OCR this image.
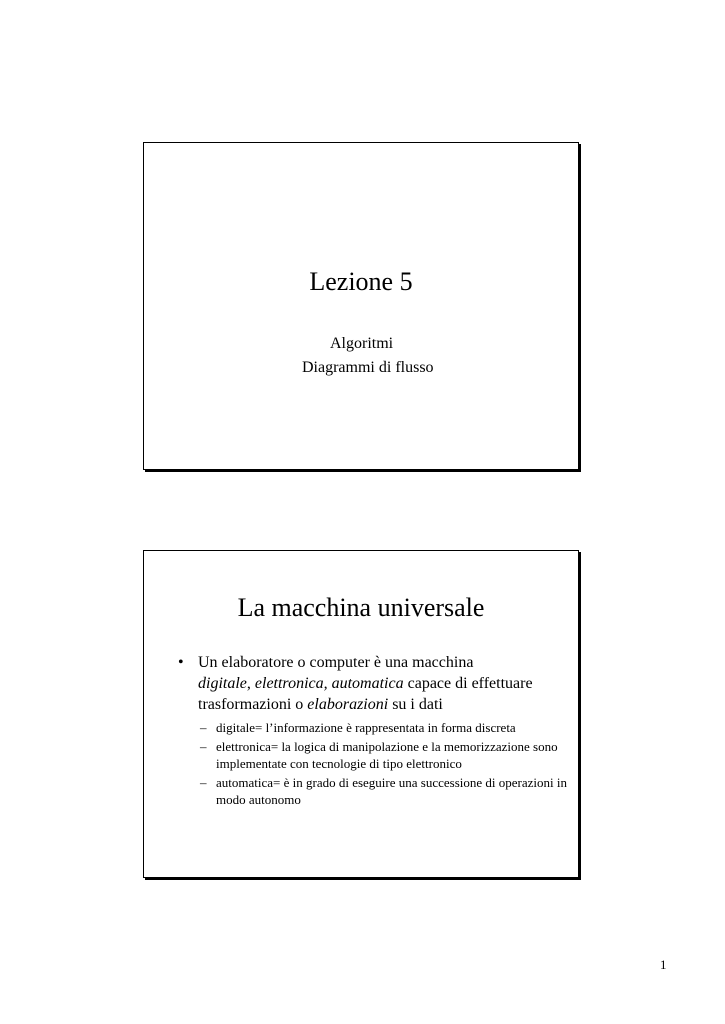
Lezione 5

Algoritmi

Diagrammi di flusso

La macchina universale
• Un elaboratore o computer è una macchina
digitale, elettronica, automatica capace di effettuare trasformazioni o elaborazioni su i dati
– digitale= l’informazione è rappresentata in forma discreta
– elettronica= la logica di manipolazione e la memorizzazione sono implementate con tecnologie di tipo elettronico
– automatica= è in grado di eseguire una successione di operazioni in modo autonomo
1
